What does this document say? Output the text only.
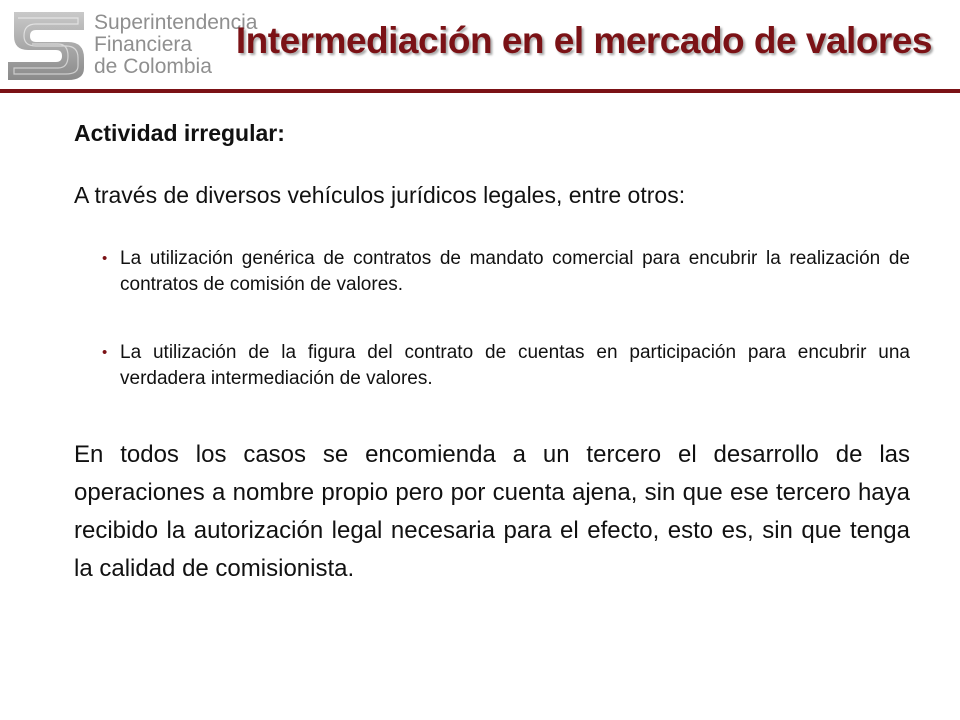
Superintendencia
Financiera
de Colombia
Intermediación en el mercado de valores

Actividad irregular:

A través de diversos vehículos jurídicos legales, entre otros:

• La utilización genérica de contratos de mandato comercial para encubrir la realización de contratos de comisión de valores.
• La utilización de la figura del contrato de cuentas en participación para encubrir una verdadera intermediación de valores.

En todos los casos se encomienda a un tercero el desarrollo de las operaciones a nombre propio pero por cuenta ajena, sin que ese tercero haya recibido la autorización legal necesaria para el efecto, esto es, sin que tenga la calidad de comisionista.
